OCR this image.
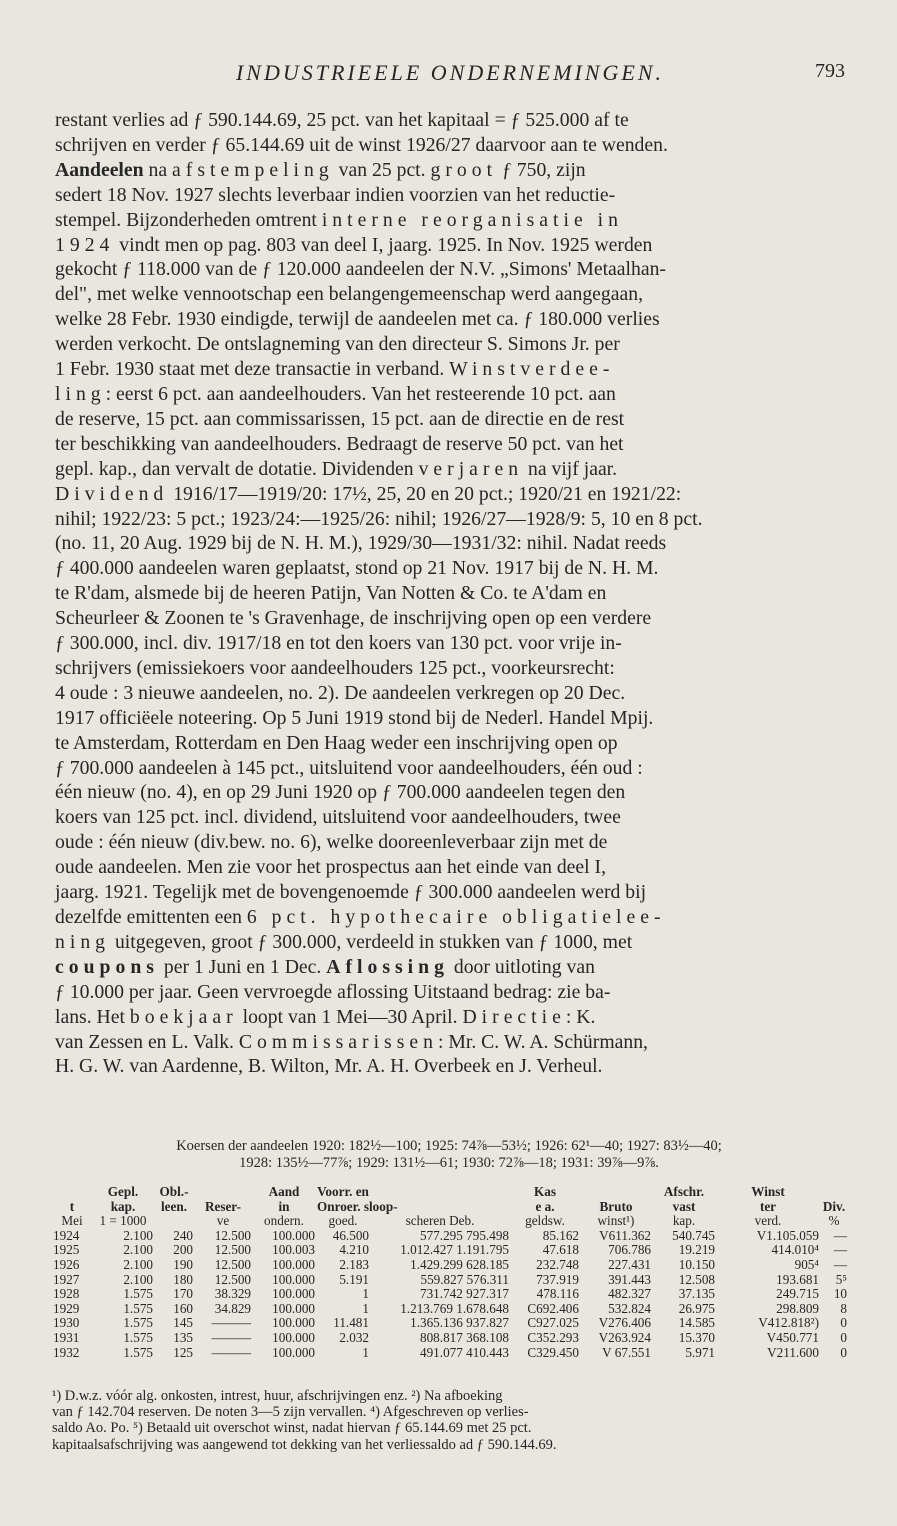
INDUSTRIEELE ONDERNEMINGEN.	793
restant verlies ad ƒ 590.144.69, 25 pct. van het kapitaal = ƒ 525.000 af te
schrijven en verder ƒ 65.144.69 uit de winst 1926/27 daarvoor aan te wenden.
Aandeelen na afstempeling van 25 pct. groot ƒ 750, zijn
sedert 18 Nov. 1927 slechts leverbaar indien voorzien van het reductie-
stempel. Bijzonderheden omtrent interne reorganisatie in
1924 vindt men op pag. 803 van deel I, jaarg. 1925. In Nov. 1925 werden
gekocht ƒ 118.000 van de ƒ 120.000 aandeelen der N.V. „Simons' Metaalhan-
del", met welke vennootschap een belangengemeenschap werd aangegaan,
welke 28 Febr. 1930 eindigde, terwijl de aandeelen met ca. ƒ 180.000 verlies
werden verkocht. De ontslagneming van den directeur S. Simons Jr. per
1 Febr. 1930 staat met deze transactie in verband. Winstverdee-
ling: eerst 6 pct. aan aandeelhouders. Van het resteerende 10 pct. aan
de reserve, 15 pct. aan commissarissen, 15 pct. aan de directie en de rest
ter beschikking van aandeelhouders. Bedraagt de reserve 50 pct. van het
gepl. kap., dan vervalt de dotatie. Dividenden verjaren na vijf jaar.
Dividend 1916/17—1919/20: 17½, 25, 20 en 20 pct.; 1920/21 en 1921/22:
nihil; 1922/23: 5 pct.; 1923/24:—1925/26: nihil; 1926/27—1928/9: 5, 10 en 8 pct.
(no. 11, 20 Aug. 1929 bij de N. H. M.), 1929/30—1931/32: nihil. Nadat reeds
ƒ 400.000 aandeelen waren geplaatst, stond op 21 Nov. 1917 bij de N. H. M.
te R'dam, alsmede bij de heeren Patijn, Van Notten & Co. te A'dam en
Scheurleer & Zoonen te 's Gravenhage, de inschrijving open op een verdere
ƒ 300.000, incl. div. 1917/18 en tot den koers van 130 pct. voor vrije in-
schrijvers (emissiekoers voor aandeelhouders 125 pct., voorkeursrecht:
4 oude : 3 nieuwe aandeelen, no. 2). De aandeelen verkregen op 20 Dec.
1917 officiëele noteering. Op 5 Juni 1919 stond bij de Nederl. Handel Mpij.
te Amsterdam, Rotterdam en Den Haag weder een inschrijving open op
ƒ 700.000 aandeelen à 145 pct., uitsluitend voor aandeelhouders, één oud :
één nieuw (no. 4), en op 29 Juni 1920 op ƒ 700.000 aandeelen tegen den
koers van 125 pct. incl. dividend, uitsluitend voor aandeelhouders, twee
oude : één nieuw (div.bew. no. 6), welke dooreenleverbaar zijn met de
oude aandeelen. Men zie voor het prospectus aan het einde van deel I,
jaarg. 1921. Tegelijk met de bovengenoemde ƒ 300.000 aandeelen werd bij
dezelfde emittenten een 6 pct. hypothecaire obligatielee-
ning uitgegeven, groot ƒ 300.000, verdeeld in stukken van ƒ 1000, met
coupons per 1 Juni en 1 Dec. Aflossing door uitloting van
ƒ 10.000 per jaar. Geen vervroegde aflossing Uitstaand bedrag: zie ba-
lans. Het boekjaar loopt van 1 Mei—30 April. Directie: K.
van Zessen en L. Valk. Commissarissen: Mr. C. W. A. Schürmann,
H. G. W. van Aardenne, B. Wilton, Mr. A. H. Overbeek en J. Verheul.
Koersen der aandeelen 1920: 182½—100; 1925: 74⅞—53½; 1926: 62¹—40; 1927: 83½—40;
1928: 135½—77⅞; 1929: 131½—61; 1930: 72⅞—18; 1931: 39⅞—9⅞.
	Gepl.	Obl.-		Aand	Voorr. en		Kas		Afschr.	Winst	
t	kap.	leen.	Reser-	in	Onroer. sloop-		e a.	Bruto	vast	ter	Div.
Mei	1 = 1000		ve	ondern.	goed.	scheren Deb.	geldsw.	winst¹)	kap.	verd.	%
1924	2.100	240	12.500	100.000	46.500	577.295 795.498	85.162	V611.362	540.745	V1.105.059	—
1925	2.100	200	12.500	100.003	4.210	1.012.427 1.191.795	47.618	706.786	19.219	414.010⁴	—
1926	2.100	190	12.500	100.000	2.183	1.429.299 628.185	232.748	227.431	10.150	905⁴	—
1927	2.100	180	12.500	100.000	5.191	559.827 576.311	737.919	391.443	12.508	193.681	5⁵
1928	1.575	170	38.329	100.000	1	731.742 927.317	478.116	482.327	37.135	249.715	10
1929	1.575	160	34.829	100.000	1	1.213.769 1.678.648	C692.406	532.824	26.975	298.809	8
1930	1.575	145	———	100.000	11.481	1.365.136 937.827	C927.025	V276.406	14.585	V412.818²)	0
1931	1.575	135	———	100.000	2.032	808.817 368.108	C352.293	V263.924	15.370	V450.771	0
1932	1.575	125	———	100.000	1	491.077 410.443	C329.450	V 67.551	5.971	V211.600	0
¹) D.w.z. vóór alg. onkosten, intrest, huur, afschrijvingen enz. ²) Na afboeking
van ƒ 142.704 reserven. De noten 3—5 zijn vervallen. ⁴) Afgeschreven op verlies-
saldo Ao. Po. ⁵) Betaald uit overschot winst, nadat hiervan ƒ 65.144.69 met 25 pct.
kapitaalsafschrijving was aangewend tot dekking van het verliessaldo ad ƒ 590.144.69.
